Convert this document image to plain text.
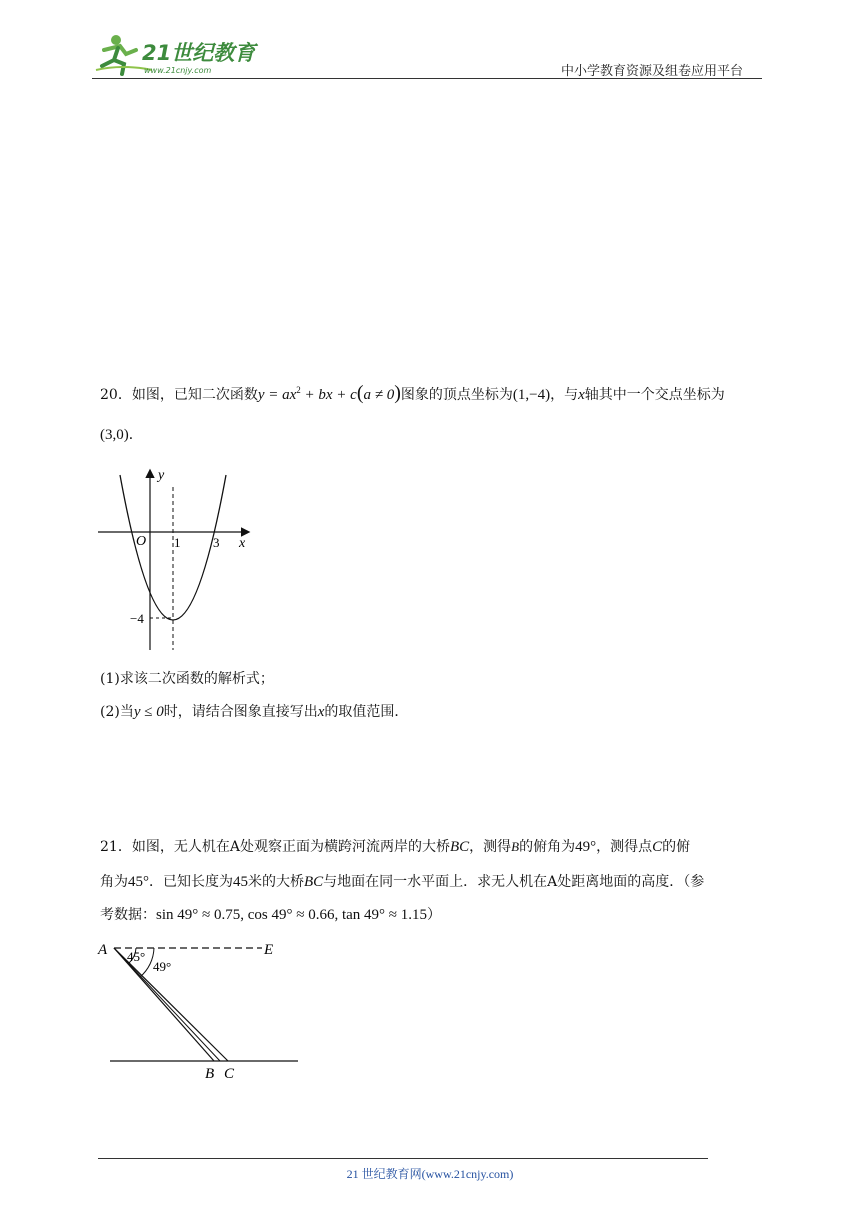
21世纪教育
www.21cnjy.com	中小学教育资源及组卷应用平台
20．如图，已知二次函数$y = ax^2$ + bx + c(a ≠ 0)图象的顶点坐标为(1,−4)，与x轴其中一个交点坐标为
(3,0)．
y
x
O 1	3
−4
(1)求该二次函数的解析式；
(2)当y ≤ 0时，请结合图象直接写出x的取值范围．
21．如图，无人机在A处观察正面为横跨河流两岸的大桥BC，测得B的俯角为49°，测得点C的俯
角为45°．已知长度为45米的大桥BC与地面在同一水平面上．求无人机在A处距离地面的高度．（参
考数据：sin 49° ≈ 0.75, cos 49° ≈ 0.66, tan 49° ≈ 1.15）
A	E
B C
45°
49°
21 世纪教育网(www.21cnjy.com)
